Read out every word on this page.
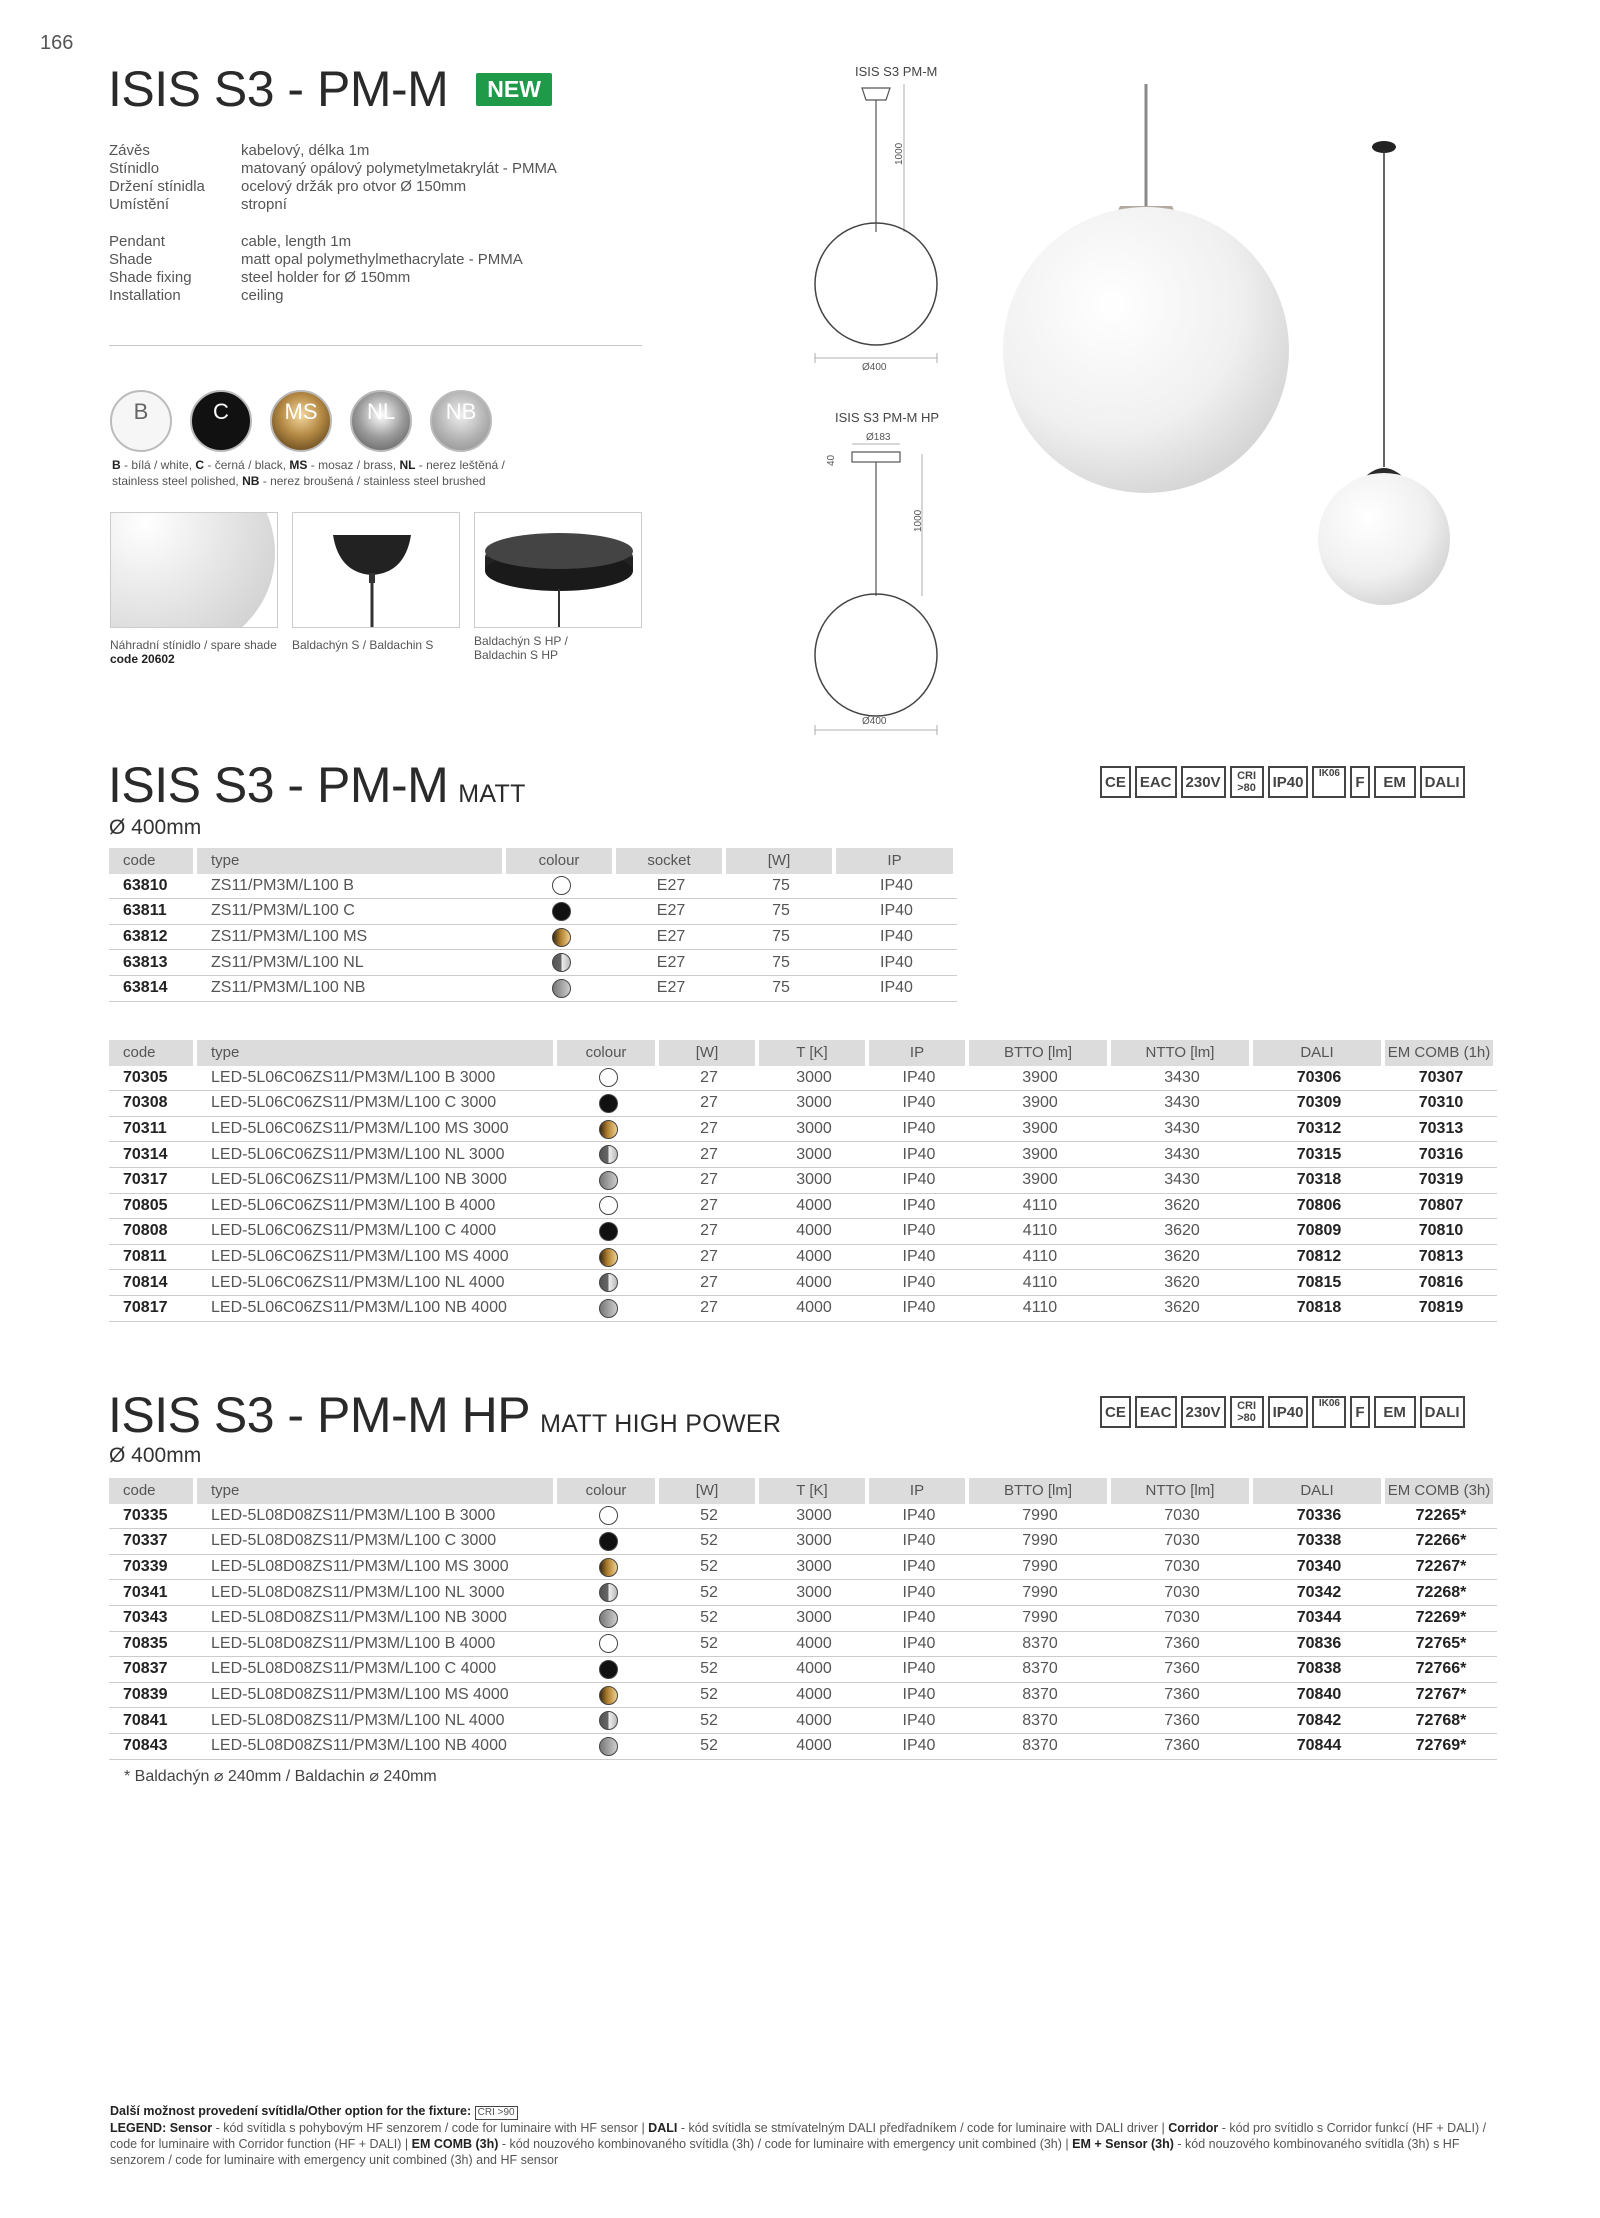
166
ISIS S3 - PM-M	NEW
Závěs	kabelový, délka 1m
Stínidlo	matovaný opálový polymetylmetakrylát - PMMA
Držení stínidla	ocelový držák pro otvor Ø 150mm
Umístění	stropní
Pendant	cable, length 1m
Shade	matt opal polymethylmethacrylate - PMMA
Shade fixing	steel holder for Ø 150mm
Installation	ceiling
B	C	MS	NL	NB
B - bílá / white, C - černá / black, MS - mosaz / brass, NL - nerez leštěná / stainless steel polished, NB - nerez broušená / stainless steel brushed
Náhradní stínidlo / spare shade
code 20602
Baldachýn S / Baldachin S	Baldachýn S HP / Baldachin S HP
ISIS S3 PM-M
1000
Ø400
ISIS S3 PM-M HP
Ø183
40
1000
Ø400
ISIS S3 - PM-M MATT
Ø 400mm
CE EAC 230V	CRI >80	IP40	IK06	F	EM	DALI
code	type	colour	socket	[W]	IP
63810	ZS11/PM3M/L100 B		E27	75	IP40
63811	ZS11/PM3M/L100 C		E27	75	IP40
63812	ZS11/PM3M/L100 MS		E27	75	IP40
63813	ZS11/PM3M/L100 NL		E27	75	IP40
63814	ZS11/PM3M/L100 NB		E27	75	IP40
code	type	colour	[W]	T [K]	IP	BTTO [lm]	NTTO [lm]	DALI	EM COMB (1h)
70305	LED-5L06C06ZS11/PM3M/L100 B 3000		27	3000	IP40	3900	3430	70306	70307
70308	LED-5L06C06ZS11/PM3M/L100 C 3000		27	3000	IP40	3900	3430	70309	70310
70311	LED-5L06C06ZS11/PM3M/L100 MS 3000		27	3000	IP40	3900	3430	70312	70313
70314	LED-5L06C06ZS11/PM3M/L100 NL 3000		27	3000	IP40	3900	3430	70315	70316
70317	LED-5L06C06ZS11/PM3M/L100 NB 3000		27	3000	IP40	3900	3430	70318	70319
70805	LED-5L06C06ZS11/PM3M/L100 B 4000		27	4000	IP40	4110	3620	70806	70807
70808	LED-5L06C06ZS11/PM3M/L100 C 4000		27	4000	IP40	4110	3620	70809	70810
70811	LED-5L06C06ZS11/PM3M/L100 MS 4000		27	4000	IP40	4110	3620	70812	70813
70814	LED-5L06C06ZS11/PM3M/L100 NL 4000		27	4000	IP40	4110	3620	70815	70816
70817	LED-5L06C06ZS11/PM3M/L100 NB 4000		27	4000	IP40	4110	3620	70818	70819
ISIS S3 - PM-M HP MATT HIGH POWER
Ø 400mm
CE EAC 230V	CRI >80	IP40	IK06	F	EM	DALI
code	type	colour	[W]	T [K]	IP	BTTO [lm]	NTTO [lm]	DALI	EM COMB (3h)
70335	LED-5L08D08ZS11/PM3M/L100 B 3000		52	3000	IP40	7990	7030	70336	72265*
70337	LED-5L08D08ZS11/PM3M/L100 C 3000		52	3000	IP40	7990	7030	70338	72266*
70339	LED-5L08D08ZS11/PM3M/L100 MS 3000		52	3000	IP40	7990	7030	70340	72267*
70341	LED-5L08D08ZS11/PM3M/L100 NL 3000		52	3000	IP40	7990	7030	70342	72268*
70343	LED-5L08D08ZS11/PM3M/L100 NB 3000		52	3000	IP40	7990	7030	70344	72269*
70835	LED-5L08D08ZS11/PM3M/L100 B 4000		52	4000	IP40	8370	7360	70836	72765*
70837	LED-5L08D08ZS11/PM3M/L100 C 4000		52	4000	IP40	8370	7360	70838	72766*
70839	LED-5L08D08ZS11/PM3M/L100 MS 4000		52	4000	IP40	8370	7360	70840	72767*
70841	LED-5L08D08ZS11/PM3M/L100 NL 4000		52	4000	IP40	8370	7360	70842	72768*
70843	LED-5L08D08ZS11/PM3M/L100 NB 4000		52	4000	IP40	8370	7360	70844	72769*
* Baldachýn ⌀ 240mm / Baldachin ⌀ 240mm
Další možnost provedení svítidla/Other option for the fixture: CRI >90
LEGEND: Sensor - kód svítidla s pohybovým HF senzorem / code for luminaire with HF sensor | DALI - kód svítidla se stmívatelným DALI předřadníkem / code for luminaire with DALI driver | Corridor - kód pro svítidlo s Corridor funkcí (HF + DALI) / code for luminaire with Corridor function (HF + DALI) | EM COMB (3h) - kód nouzového kombinovaného svítidla (3h) / code for luminaire with emergency unit combined (3h) | EM + Sensor (3h) - kód nouzového kombinovaného svítidla (3h) s HF senzorem / code for luminaire with emergency unit combined (3h) and HF sensor
